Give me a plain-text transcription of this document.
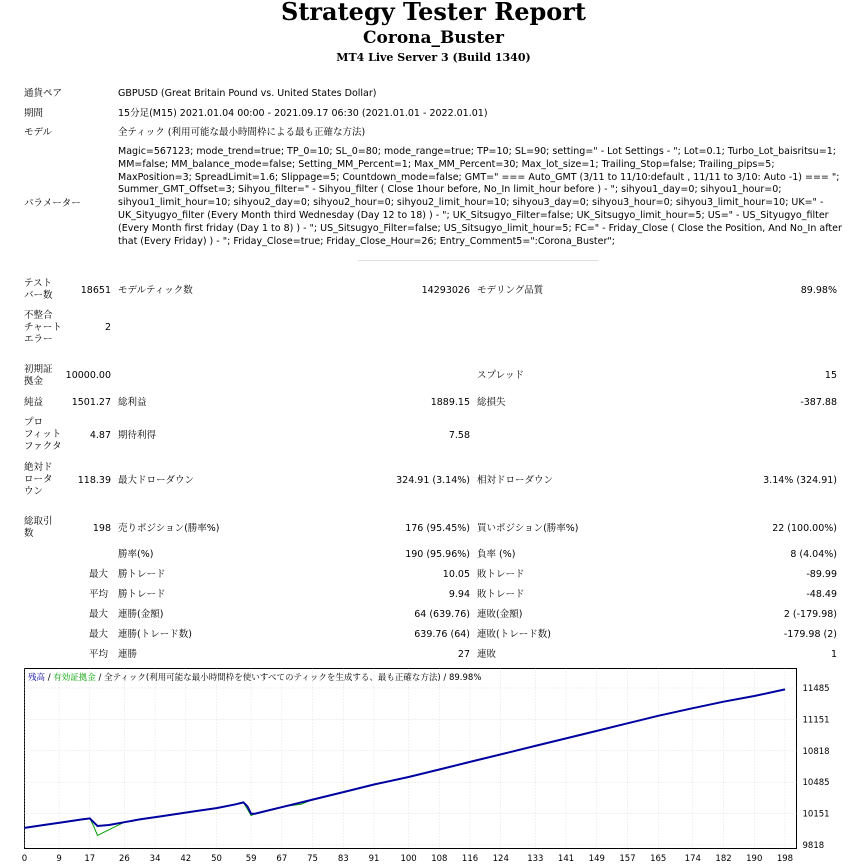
Strategy Tester Report
Corona_Buster
MT4 Live Server 3 (Build 1340)
通貨ペア	GBPUSD (Great Britain Pound vs. United States Dollar)
期間	15分足(M15) 2021.01.04 00:00 - 2021.09.17 06:30 (2021.01.01 - 2022.01.01)
モデル	全ティック (利用可能な最小時間枠による最も正確な方法)
パラメーター
Magic=567123; mode_trend=true; TP_0=10; SL_0=80; mode_range=true; TP=10; SL=90; setting=" - Lot Settings - "; Lot=0.1; Turbo_Lot_baisritsu=1; MM=false; MM_balance_mode=false; Setting_MM_Percent=1; Max_MM_Percent=30; Max_lot_size=1; Trailing_Stop=false; Trailing_pips=5; MaxPosition=3; SpreadLimit=1.6; Slippage=5; Countdown_mode=false; GMT=" === Auto_GMT (3/11 to 11/10:default , 11/11 to 3/10: Auto -1) === "; Summer_GMT_Offset=3; Sihyou_filter=" - Sihyou_filter ( Close 1hour before, No_In limit_hour before ) - "; sihyou1_day=0; sihyou1_hour=0; sihyou1_limit_hour=10; sihyou2_day=0; sihyou2_hour=0; sihyou2_limit_hour=10; sihyou3_day=0; sihyou3_hour=0; sihyou3_limit_hour=10; UK=" - UK_Sityugyo_filter (Every Month third Wednesday (Day 12 to 18) ) - "; UK_Sitsugyo_Filter=false; UK_Sitsugyo_limit_hour=5; US=" - US_Sityugyo_filter (Every Month first friday (Day 1 to 8) ) - "; US_Sitsugyo_Filter=false; US_Sitsugyo_limit_hour=5; FC=" - Friday_Close ( Close the Position, And No_In after that (Every Friday) ) - "; Friday_Close=true; Friday_Close_Hour=26; Entry_Comment5=":Corona_Buster";
テスト
バー数	18651 モデルティック数	14293026 モデリング品質	89.98%
不整合
チャート
エラー
2
初期証
拠金
10000.00	スプレッド	15
純益	1501.27 総利益	1889.15 総損失	-387.88
プロ
フィット
ファクタ
4.87 期待利得	7.58
絶対ド
ロータ
ウン
118.39 最大ドローダウン	324.91 (3.14%) 相対ドローダウン	3.14% (324.91)
総取引
数	198 売りポジション(勝率%)	176 (95.45%) 買いポジション(勝率%)	22 (100.00%)
勝率(%)	190 (95.96%) 負率 (%)	8 (4.04%)
最大 勝トレード	10.05 敗トレード	-89.99
平均 勝トレード	9.94 敗トレード	-48.49
最大 連勝(金額)	64 (639.76) 連敗(金額)	2 (-179.98)
最大 連勝(トレード数)	639.76 (64) 連敗(トレード数)	-179.98 (2)
平均 連勝	27 連敗	1
9818
10151
10485
10818
11151
11485
0	9	17	26 34 42 50	59 67 75 83 91 100 108 116 124 133 141 149 157 165 174 182 190 198
残高 / 有効証拠金 / 全ティック(利用可能な最小時間枠を使いすべてのティックを生成する、最も正確な方法) / 89.98%
